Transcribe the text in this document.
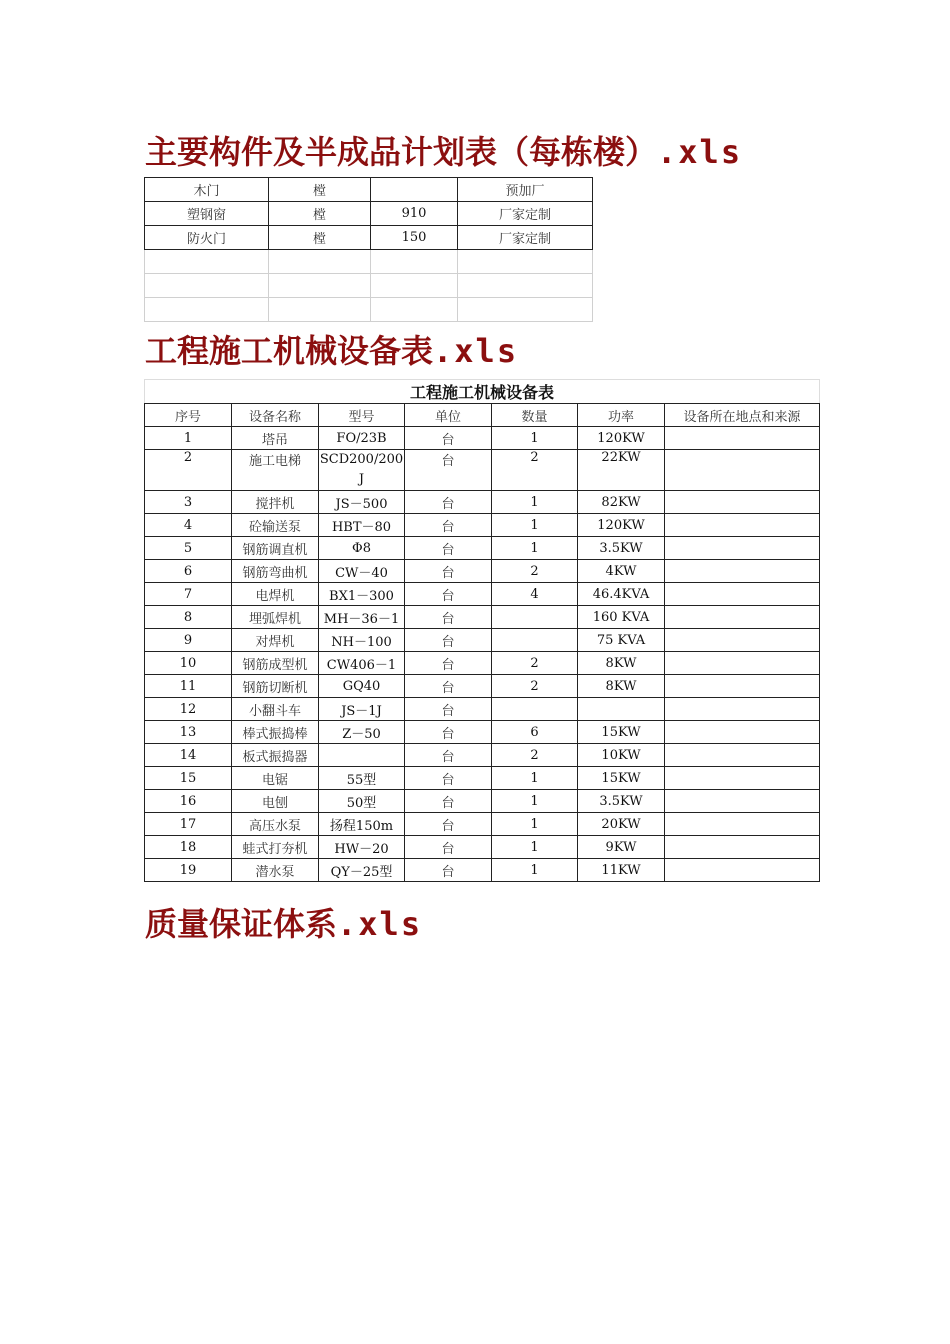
主要构件及半成品计划表（每栋楼）.xls
木门	樘		预加厂
塑钢窗	樘	910	厂家定制
防火门	樘	150	厂家定制

工程施工机械设备表.xls
工程施工机械设备表						
序号	设备名称	型号	单位	数量	功率	设备所在地点和来源
1	塔吊	FO/23B	台	1	120KW	
2	施工电梯	SCD200/200J	台	2	22KW	
3	搅拌机	JS－500	台	1	82KW	
4	砼输送泵	HBT－80	台	1	120KW	
5	钢筋调直机	Φ8	台	1	3.5KW	
6	钢筋弯曲机	CW－40	台	2	4KW	
7	电焊机	BX1－300	台	4	46.4KVA	
8	埋弧焊机	MH－36－1	台		160 KVA	
9	对焊机	NH－100	台		75 KVA	
10	钢筋成型机	CW406－1	台	2	8KW	
11	钢筋切断机	GQ40	台	2	8KW	
12	小翻斗车	JS－1J	台			
13	棒式振捣棒	Z－50	台	6	15KW	
14	板式振捣器		台	2	10KW	
15	电锯	55型	台	1	15KW	
16	电刨	50型	台	1	3.5KW	
17	高压水泵	扬程150m	台	1	20KW	
18	蛙式打夯机	HW－20	台	1	9KW	
19	潜水泵	QY－25型	台	1	11KW	
质量保证体系.xls
